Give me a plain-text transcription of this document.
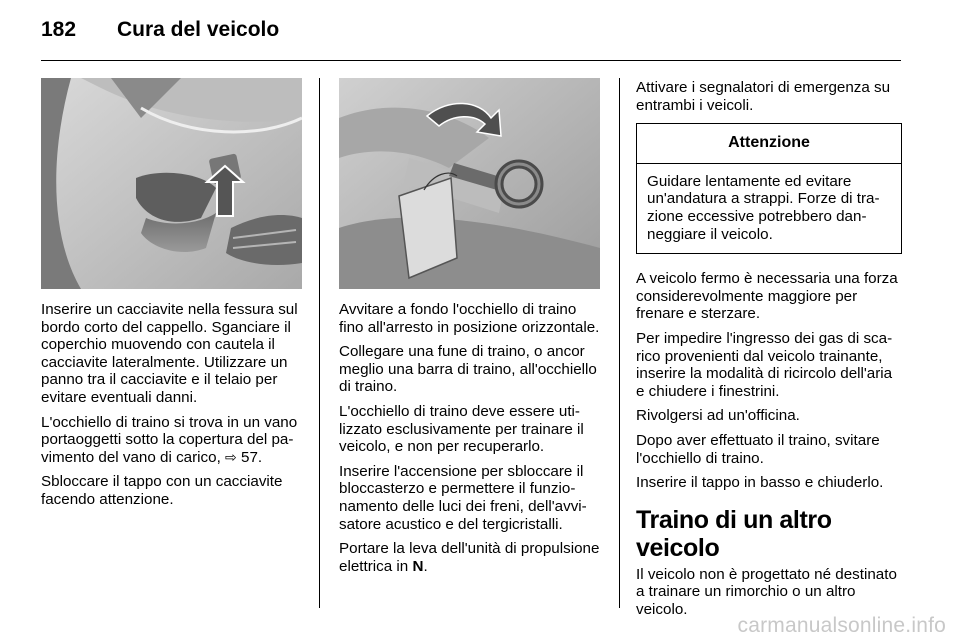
182 Cura del veicolo

Inserire un cacciavite nella fessura sul bordo corto del cappello. Sganciare il coperchio muovendo con cautela il cacciavite lateralmente. Utilizzare un panno tra il cacciavite e il telaio per evitare eventuali danni.

L'occhiello di traino si trova in un vano portaoggetti sotto la copertura del pavimento del vano di carico, ⇨ 57.

Sbloccare il tappo con un cacciavite facendo attenzione.

Avvitare a fondo l'occhiello di traino fino all'arresto in posizione orizzontale.

Collegare una fune di traino, o ancor meglio una barra di traino, all'occhiello di traino.

L'occhiello di traino deve essere utilizzato esclusivamente per trainare il veicolo, e non per recuperarlo.

Inserire l'accensione per sbloccare il bloccasterzo e permettere il funzionamento delle luci dei freni, dell'avvisatore acustico e del tergicristalli.

Portare la leva dell'unità di propulsione elettrica in N.

Attivare i segnalatori di emergenza su entrambi i veicoli.

Attenzione
Guidare lentamente ed evitare un'andatura a strappi. Forze di trazione eccessive potrebbero danneggiare il veicolo.

A veicolo fermo è necessaria una forza considerevolmente maggiore per frenare e sterzare.

Per impedire l'ingresso dei gas di scarico provenienti dal veicolo trainante, inserire la modalità di ricircolo dell'aria e chiudere i finestrini.

Rivolgersi ad un'officina.

Dopo aver effettuato il traino, svitare l'occhiello di traino.

Inserire il tappo in basso e chiuderlo.

Traino di un altro veicolo

Il veicolo non è progettato né destinato a trainare un rimorchio o un altro veicolo.

carmanualsonline.info
